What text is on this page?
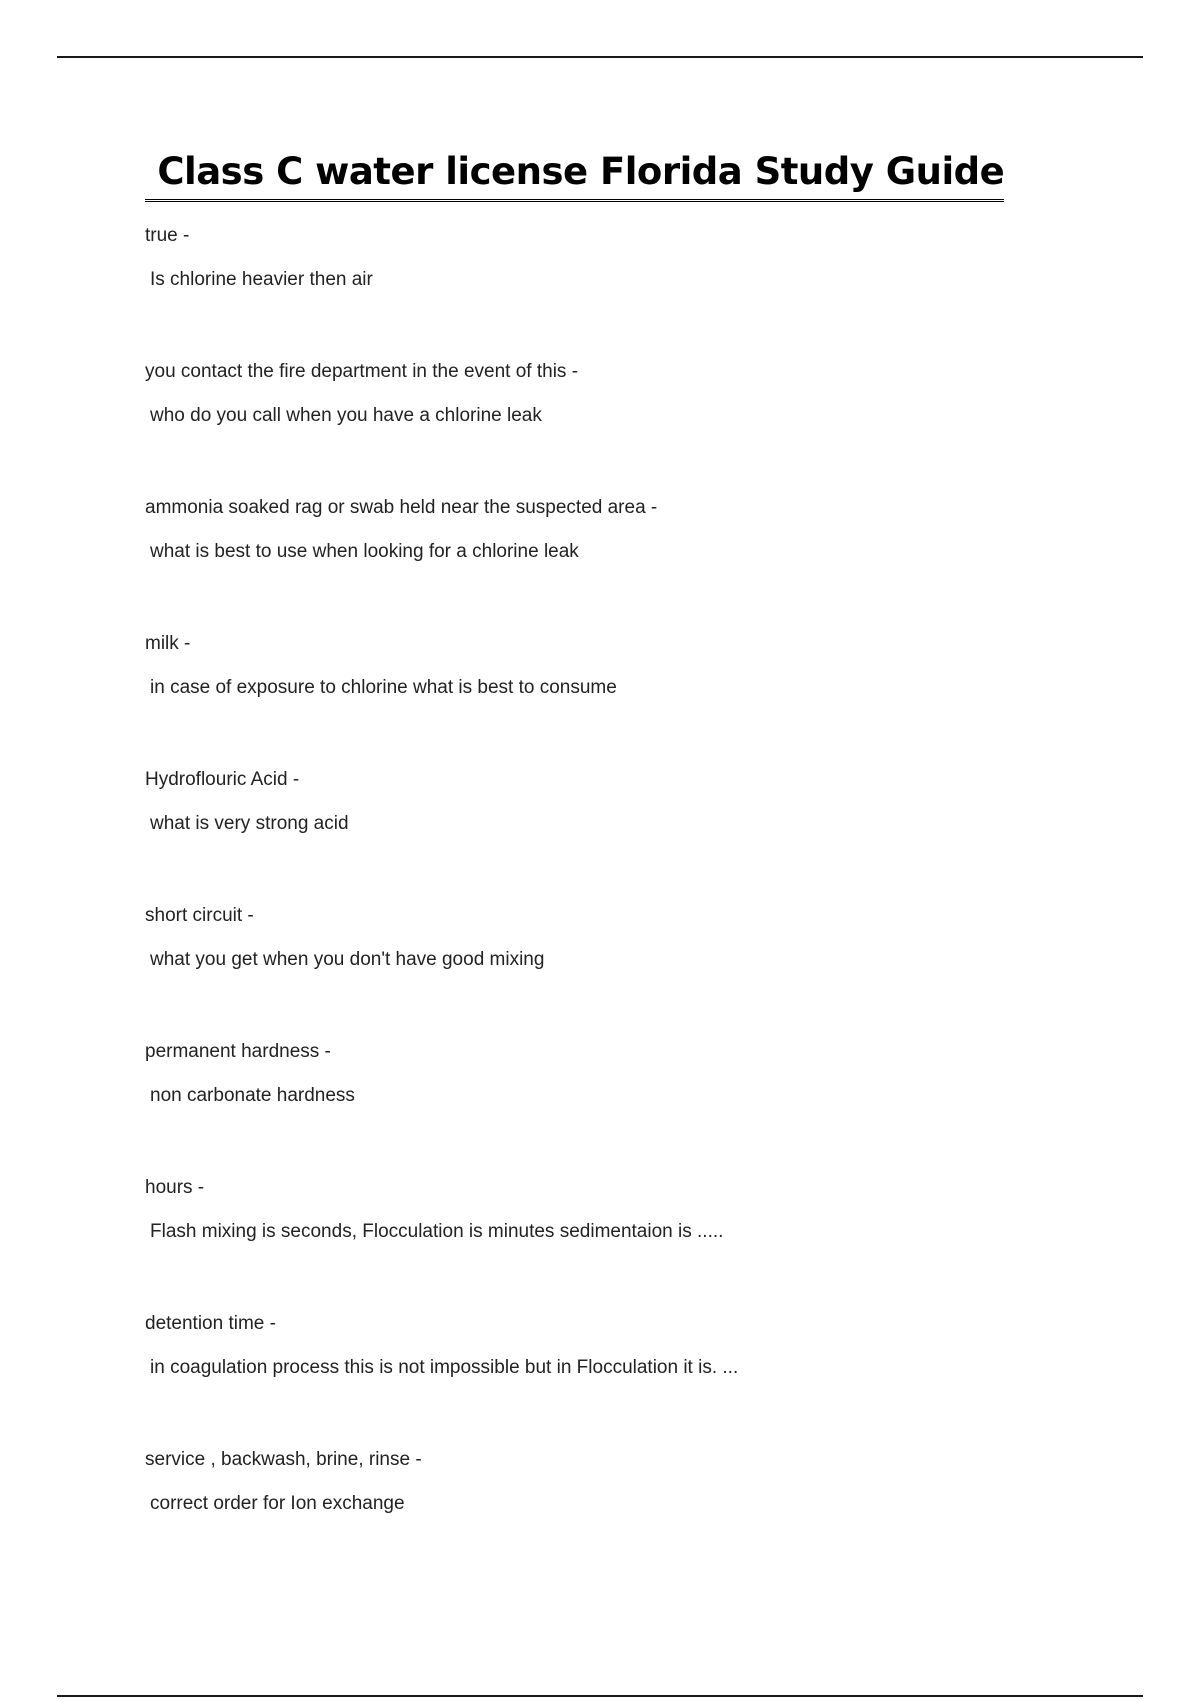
Class C water license Florida Study Guide
true -
Is chlorine heavier then air
you contact the fire department in the event of this -
who do you call when you have a chlorine leak
ammonia soaked rag or swab held near the suspected area -
what is best to use when looking for a chlorine leak
milk -
in case of exposure to chlorine what is best to consume
Hydroflouric Acid -
what is very strong acid
short circuit -
what you get when you don't have good mixing
permanent hardness -
non carbonate hardness
hours -
Flash mixing is seconds, Flocculation is minutes sedimentaion is .....
detention time -
in coagulation process this is not impossible but in Flocculation it is. ...
service , backwash, brine, rinse -
correct order for Ion exchange
